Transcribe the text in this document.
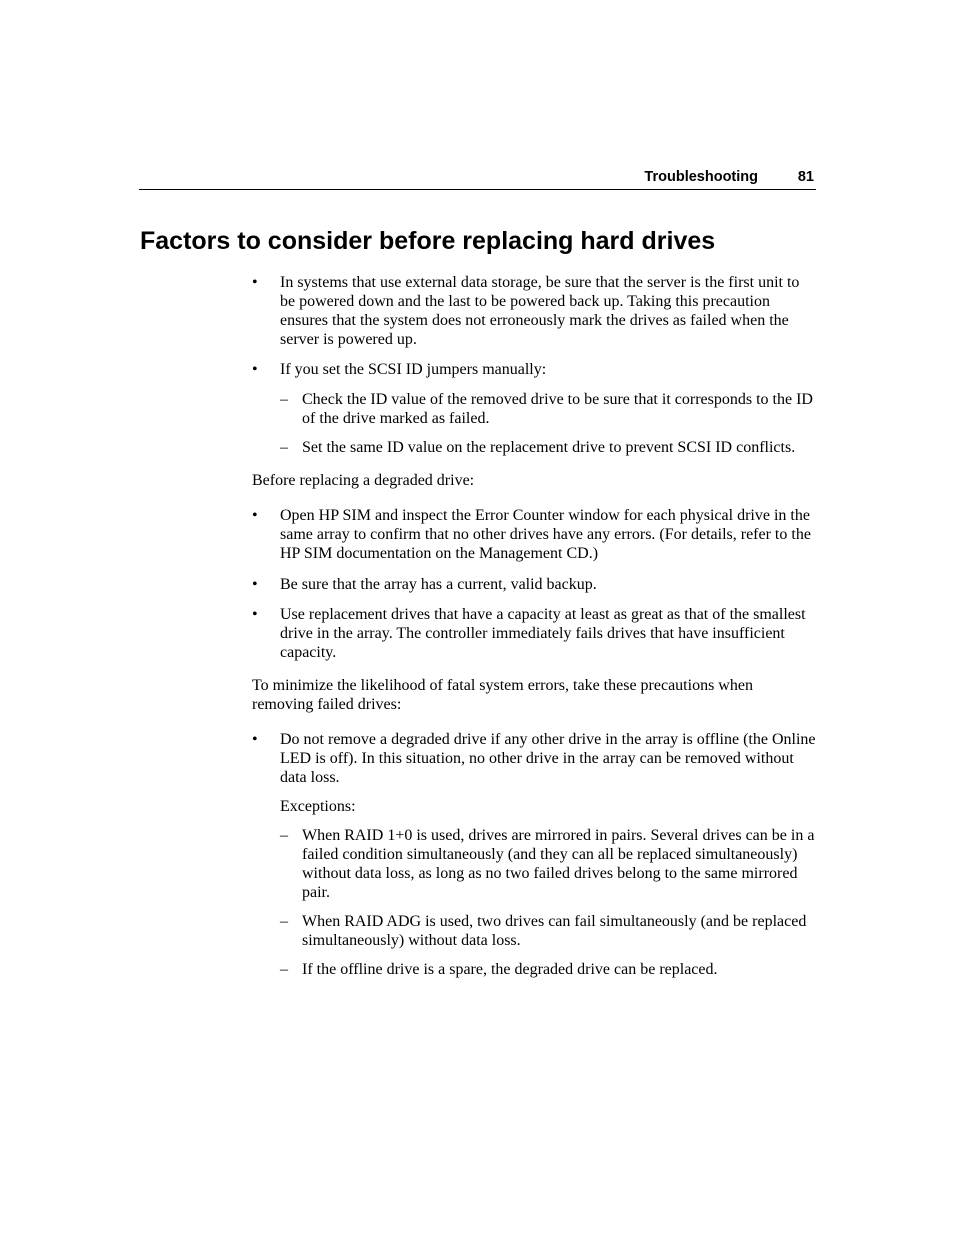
Troubleshooting	81
Factors to consider before replacing hard drives
• In systems that use external data storage, be sure that the server is the first unit to be powered down and the last to be powered back up. Taking this precaution ensures that the system does not erroneously mark the drives as failed when the server is powered up.
• If you set the SCSI ID jumpers manually:
– Check the ID value of the removed drive to be sure that it corresponds to the ID of the drive marked as failed.
– Set the same ID value on the replacement drive to prevent SCSI ID conflicts.

Before replacing a degraded drive:

• Open HP SIM and inspect the Error Counter window for each physical drive in the same array to confirm that no other drives have any errors. (For details, refer to the HP SIM documentation on the Management CD.)
• Be sure that the array has a current, valid backup.
• Use replacement drives that have a capacity at least as great as that of the smallest drive in the array. The controller immediately fails drives that have insufficient capacity.

To minimize the likelihood of fatal system errors, take these precautions when removing failed drives:

• Do not remove a degraded drive if any other drive in the array is offline (the Online LED is off). In this situation, no other drive in the array can be removed without data loss.

Exceptions:

– When RAID 1+0 is used, drives are mirrored in pairs. Several drives can be in a failed condition simultaneously (and they can all be replaced simultaneously) without data loss, as long as no two failed drives belong to the same mirrored pair.
– When RAID ADG is used, two drives can fail simultaneously (and be replaced simultaneously) without data loss.
– If the offline drive is a spare, the degraded drive can be replaced.
